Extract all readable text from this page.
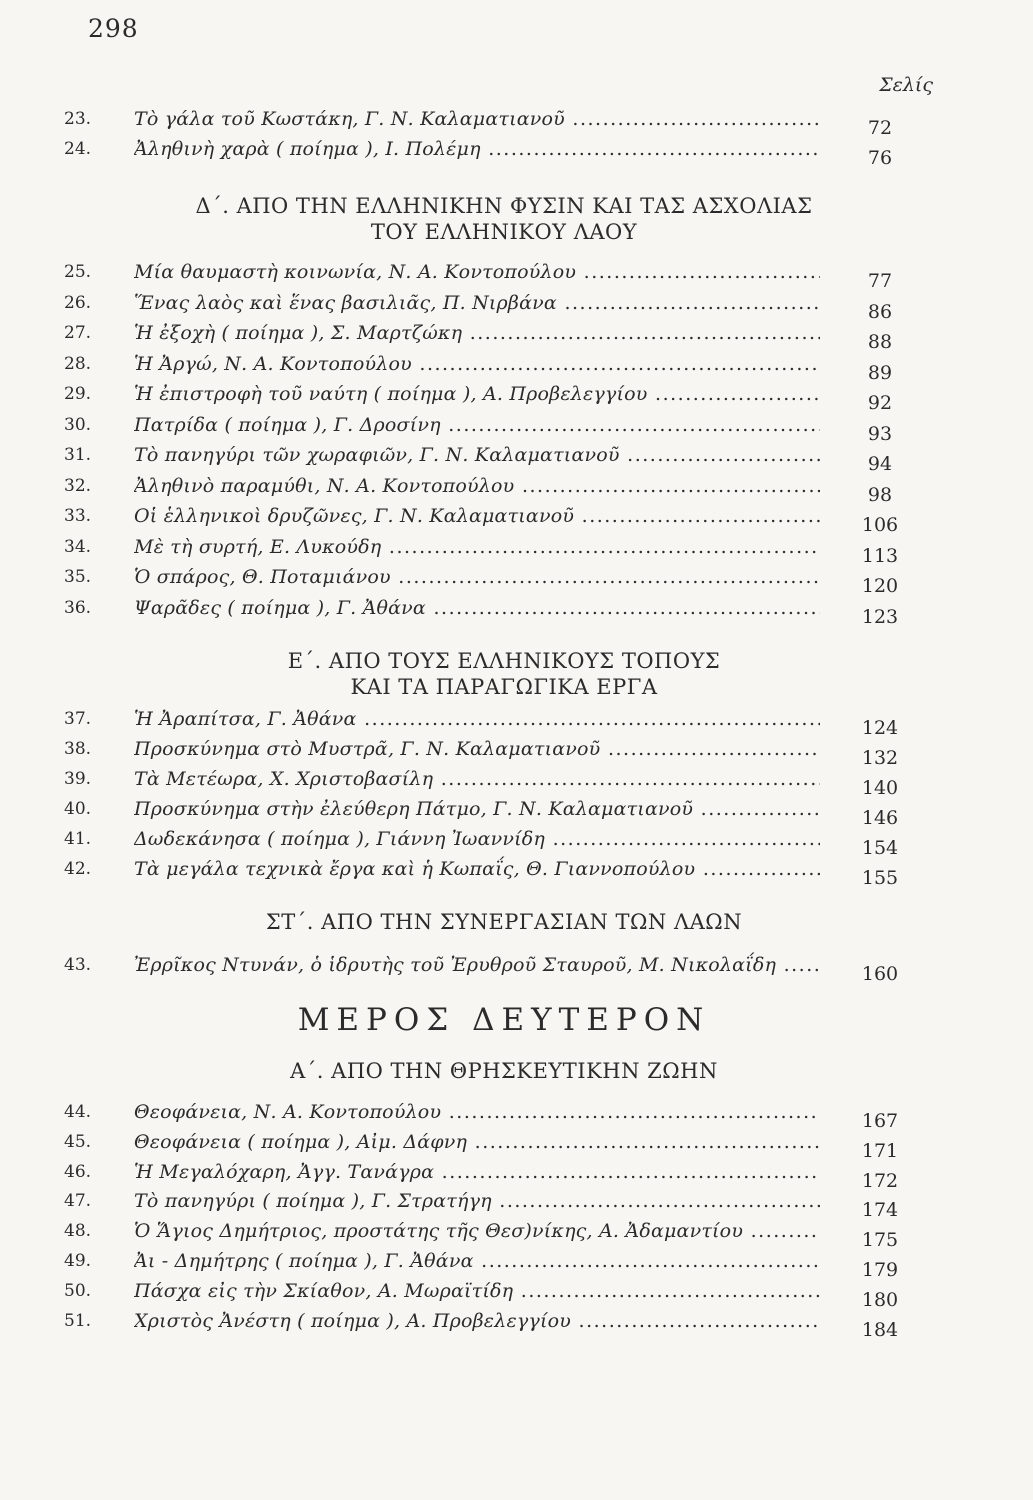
298
Σελίς
23.	Τὸ γάλα τοῦ Κωστάκη, Γ. Ν. Καλαματιανοῦ .....	72
24.	Ἀληθινὴ χαρὰ ( ποίημα ), Ι. Πολέμη .....	76
25.	Μία θαυμαστὴ κοινωνία, Ν. Α. Κοντοπούλου .....	77
26.	Ἕνας λαὸς καὶ ἕνας βασιλιᾶς, Π. Νιρβάνα .....	86
27.	Ἡ ἐξοχὴ ( ποίημα ), Σ. Μαρτζώκη .....	88
28.	Ἡ Ἀργώ, Ν. Α. Κοντοπούλου .....	89
29.	Ἡ ἐπιστροφὴ τοῦ ναύτη ( ποίημα ), Α. Προβελεγγίου .....	92
30.	Πατρίδα ( ποίημα ), Γ. Δροσίνη .....	93
31.	Τὸ πανηγύρι τῶν χωραφιῶν, Γ. Ν. Καλαματιανοῦ .....	94
32.	Ἀληθινὸ παραμύθι, Ν. Α. Κοντοπούλου .....	98
33.	Οἱ ἑλληνικοὶ δρυζῶνες, Γ. Ν. Καλαματιανοῦ .....	106
34.	Μὲ τὴ συρτή, Ε. Λυκούδη .....	113
35.	Ὁ σπάρος, Θ. Ποταμιάνου .....	120
36.	Ψαρᾶδες ( ποίημα ), Γ. Ἀθάνα .....	123
37.	Ἡ Ἀραπίτσα, Γ. Ἀθάνα .....	124
38.	Προσκύνημα στὸ Μυστρᾶ, Γ. Ν. Καλαματιανοῦ .....	132
39.	Τὰ Μετέωρα, Χ. Χριστοβασίλη .....	140
40.	Προσκύνημα στὴν ἐλεύθερη Πάτμο, Γ. Ν. Καλαματιανοῦ .....	146
41.	Δωδεκάνησα ( ποίημα ), Γιάννη Ἰωαννίδη .....	154
42.	Τὰ μεγάλα τεχνικὰ ἔργα καὶ ἡ Κωπαΐς, Θ. Γιαννοπούλου .....	155
43.	Ἐρρῖκος Ντυνάν, ὁ ἱδρυτὴς τοῦ Ἐρυθροῦ Σταυροῦ, Μ. Νικολαΐδη .....	160
44.	Θεοφάνεια, Ν. Α. Κοντοπούλου .....	167
45.	Θεοφάνεια ( ποίημα ), Αἰμ. Δάφνη .....	171
46.	Ἡ Μεγαλόχαρη, Ἀγγ. Τανάγρα .....	172
47.	Τὸ πανηγύρι ( ποίημα ), Γ. Στρατήγη .....	174
48.	Ὁ Ἅγιος Δημήτριος, προστάτης τῆς Θεσ)νίκης, Α. Ἀδαμαντίου .....	175
49.	Ἀι - Δημήτρης ( ποίημα ), Γ. Ἀθάνα .....	179
50.	Πάσχα εἰς τὴν Σκίαθον, Α. Μωραϊτίδη .....	180
51.	Χριστὸς Ἀνέστη ( ποίημα ), Α. Προβελεγγίου .....	184
Δ΄. ΑΠΟ ΤΗΝ ΕΛΛΗΝΙΚΗΝ ΦΥΣΙΝ ΚΑΙ ΤΑΣ ΑΣΧΟΛΙΑΣ
ΤΟΥ ΕΛΛΗΝΙΚΟΥ ΛΑΟΥ
Ε΄. ΑΠΟ ΤΟΥΣ ΕΛΛΗΝΙΚΟΥΣ ΤΟΠΟΥΣ
ΚΑΙ ΤΑ ΠΑΡΑΓΩΓΙΚΑ ΕΡΓΑ
ΣΤ΄. ΑΠΟ ΤΗΝ ΣΥΝΕΡΓΑΣΙΑΝ ΤΩΝ ΛΑΩΝ
ΜΕΡΟΣ ΔΕΥΤΕΡΟΝ
Α΄. ΑΠΟ ΤΗΝ ΘΡΗΣΚΕΥΤΙΚΗΝ ΖΩΗΝ
